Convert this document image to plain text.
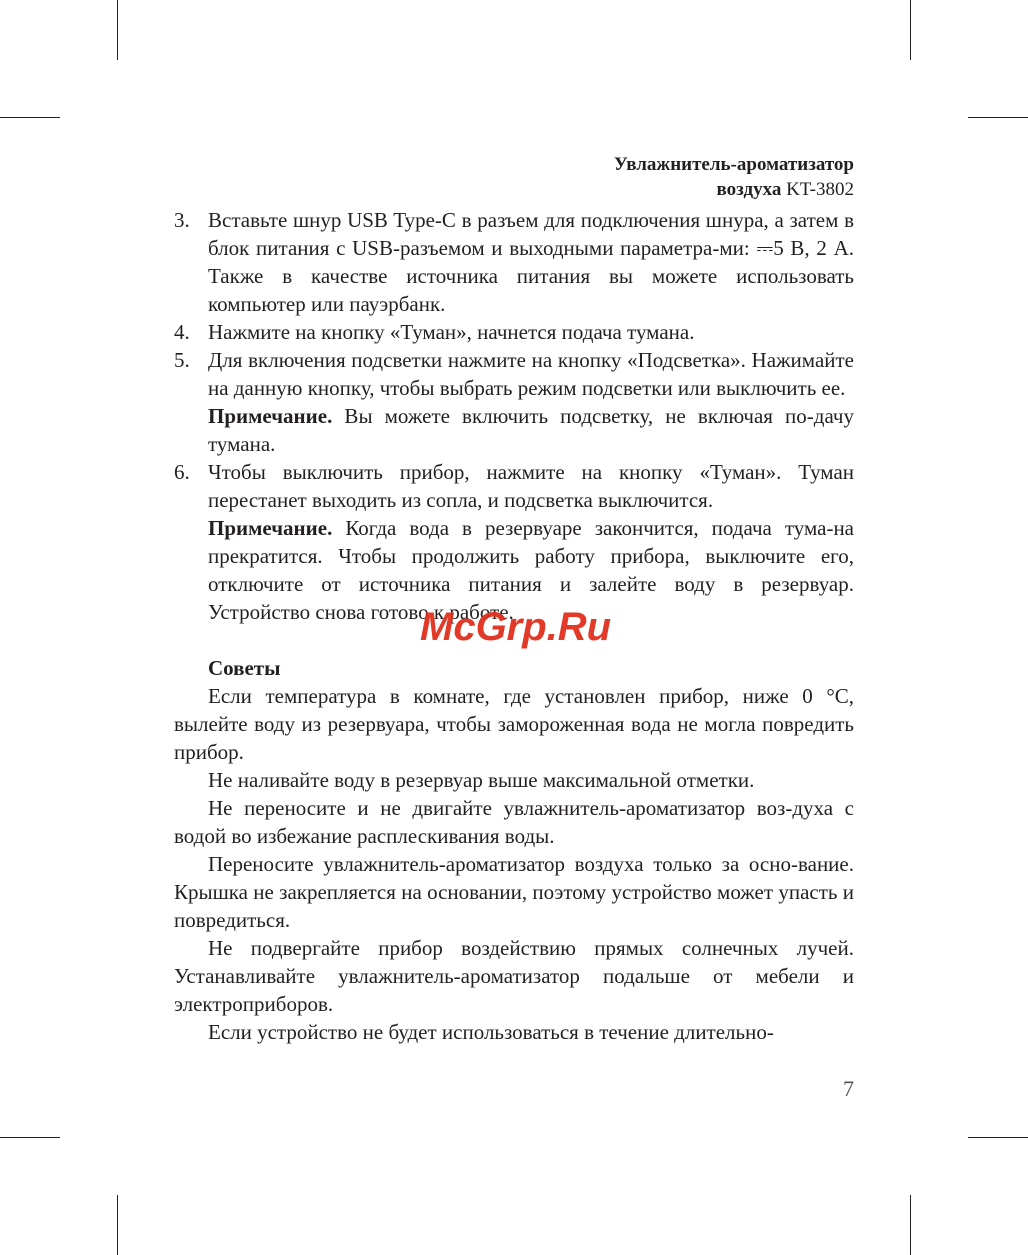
Увлажнитель-ароматизатор
воздуха KT-3802
3. Вставьте шнур USB Type-C в разъем для подключения шнура, а затем в блок питания с USB-разъемом и выходными параметра-ми: ⎓5 В, 2 А. Также в качестве источника питания вы можете использовать компьютер или пауэрбанк.

4. Нажмите на кнопку «Туман», начнется подача тумана.

5. Для включения подсветки нажмите на кнопку «Подсветка». Нажимайте на данную кнопку, чтобы выбрать режим подсветки или выключить ее.

Примечание. Вы можете включить подсветку, не включая по-дачу тумана.

6. Чтобы выключить прибор, нажмите на кнопку «Туман». Туман перестанет выходить из сопла, и подсветка выключится.

Примечание. Когда вода в резервуаре закончится, подача тума-на прекратится. Чтобы продолжить работу прибора, выключите его, отключите от источника питания и залейте воду в резервуар. Устройство снова готово к работе.

Советы

Если температура в комнате, где установлен прибор, ниже 0 °С, вылейте воду из резервуара, чтобы замороженная вода не могла повредить прибор.

Не наливайте воду в резервуар выше максимальной отметки.

Не переносите и не двигайте увлажнитель-ароматизатор воз-духа с водой во избежание расплескивания воды.

Переносите увлажнитель-ароматизатор воздуха только за осно-вание. Крышка не закрепляется на основании, поэтому устройство может упасть и повредиться.

Не подвергайте прибор воздействию прямых солнечных лучей. Устанавливайте увлажнитель-ароматизатор подальше от мебели и электроприборов.

Если устройство не будет использоваться в течение длительно-

McGrp.Ru
7
